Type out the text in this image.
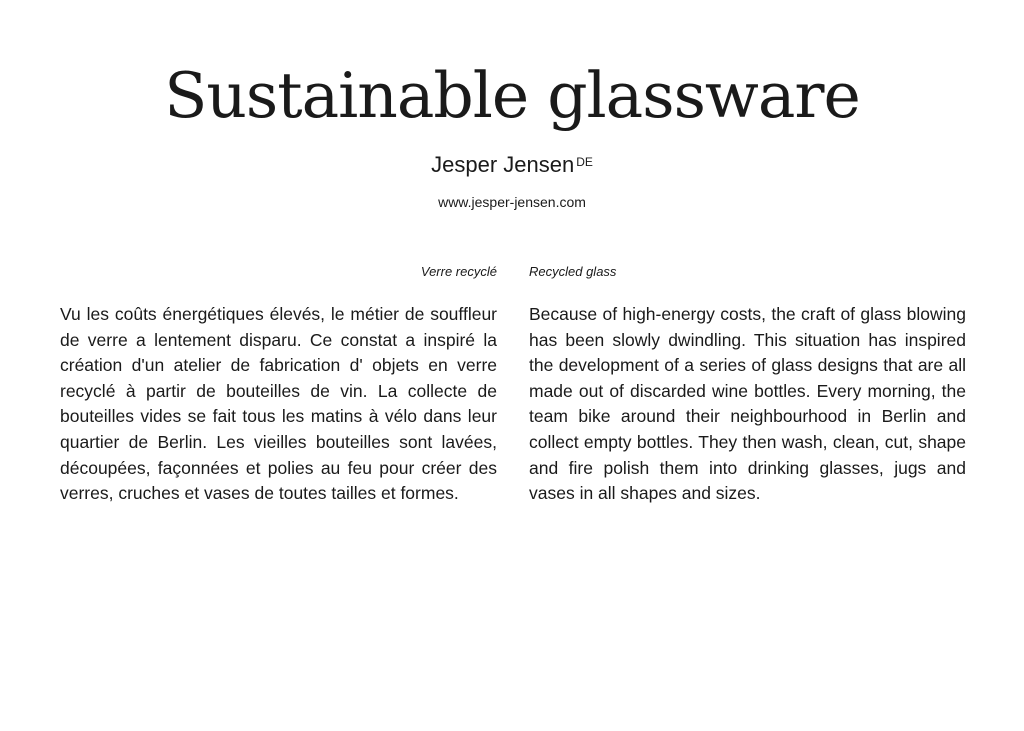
Sustainable glassware
Jesper Jensen $^{DE}$
www.jesper-jensen.com
Verre recyclé

Vu les coûts énergétiques élevés, le métier de souffleur de verre a lentement disparu. Ce constat a inspiré la création d'un atelier de fabrication d' objets en verre recyclé à partir de bouteilles de vin. La collecte de bouteilles vides se fait tous les matins à vélo dans leur quartier de Berlin. Les vieilles bouteilles sont lavées, découpées, façonnées et polies au feu pour créer des verres, cruches et vases de toutes tailles et formes.

Recycled glass

Because of high-energy costs, the craft of glass blowing has been slowly dwindling. This situation has inspired the development of a series of glass designs that are all made out of discarded wine bottles. Every morning, the team bike around their neighbourhood in Berlin and collect empty bottles. They then wash, clean, cut, shape and fire polish them into drinking glasses, jugs and vases in all shapes and sizes.
